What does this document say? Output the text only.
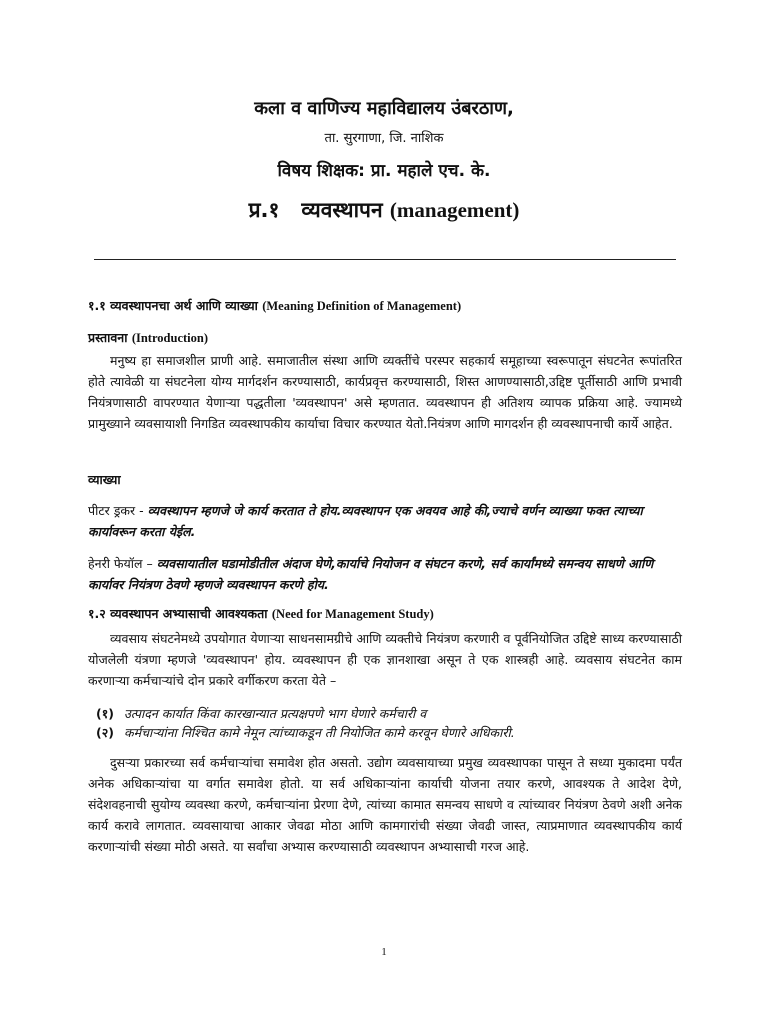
कला व वाणिज्य महाविद्यालय उंबरठाण,
ता. सुरगाणा, जि. नाशिक
विषय शिक्षक: प्रा. महाले एच. के.
प्र.१   व्यवस्थापन (management)
१.१ व्यवस्थापनचा अर्थ आणि व्याख्या (Meaning Definition of Management)
प्रस्तावना (Introduction)
मनुष्य हा समाजशील प्राणी आहे. समाजातील संस्था आणि व्यक्तींचे परस्पर सहकार्य समूहाच्या स्वरूपातून संघटनेत रूपांतरित होते त्यावेळी या संघटनेला योग्य मार्गदर्शन करण्यासाठी, कार्यप्रवृत्त करण्यासाठी, शिस्त आणण्यासाठी,उद्दिष्ट पूर्तीसाठी आणि प्रभावी नियंत्रणासाठी वापरण्यात येणाऱ्या पद्धतीला 'व्यवस्थापन' असे म्हणतात. व्यवस्थापन ही अतिशय व्यापक प्रक्रिया आहे. ज्यामध्ये प्रामुख्याने व्यवसायाशी निगडित व्यवस्थापकीय कार्याचा विचार करण्यात येतो.नियंत्रण आणि मागदर्शन ही व्यवस्थापनाची कार्ये आहेत.
व्याख्या
पीटर ड्रकर - व्यवस्थापन म्हणजे जे कार्य करतात ते होय.व्यवस्थापन एक अवयव आहे की,ज्याचे वर्णन व्याख्या फक्त त्याच्या कार्यावरून करता येईल.
हेनरी फेयॉल – व्यवसायातील घडामोडीतील अंदाज घेणे,कार्याचे नियोजन व संघटन करणे, सर्व कार्यांमध्ये समन्वय साधणे आणि कार्यावर नियंत्रण ठेवणे म्हणजे व्यवस्थापन करणे होय.
१.२ व्यवस्थापन अभ्यासाची आवश्यकता (Need for Management Study)
व्यवसाय संघटनेमध्ये उपयोगात येणाऱ्या साधनसामग्रीचे आणि व्यक्तीचे नियंत्रण करणारी व पूर्वनियोजित उद्दिष्टे साध्य करण्यासाठी योजलेली यंत्रणा म्हणजे 'व्यवस्थापन' होय. व्यवस्थापन ही एक ज्ञानशाखा असून ते एक शास्त्रही आहे. व्यवसाय संघटनेत काम करणाऱ्या कर्मचाऱ्यांचे दोन प्रकारे वर्गीकरण करता येते –
(१) उत्पादन कार्यात किंवा कारखान्यात प्रत्यक्षपणे भाग घेणारे कर्मचारी व
(२) कर्मचाऱ्यांना निश्चित कामे नेमून त्यांच्याकडून ती नियोजित कामे करवून घेणारे अधिकारी.
दुसऱ्या प्रकारच्या सर्व कर्मचाऱ्यांचा समावेश होत असतो. उद्योग व्यवसायाच्या प्रमुख व्यवस्थापका पासून ते सध्या मुकादमा पर्यंत अनेक अधिकाऱ्यांचा या वर्गात समावेश होतो. या सर्व अधिकाऱ्यांना कार्याची योजना तयार करणे, आवश्यक ते आदेश देणे, संदेशवहनाची सुयोग्य व्यवस्था करणे, कर्मचाऱ्यांना प्रेरणा देणे, त्यांच्या कामात समन्वय साधणे व त्यांच्यावर नियंत्रण ठेवणे अशी अनेक कार्य करावे लागतात. व्यवसायाचा आकार जेवढा मोठा आणि कामगारांची संख्या जेवढी जास्त, त्याप्रमाणात व्यवस्थापकीय कार्य करणाऱ्यांची संख्या मोठी असते. या सर्वांचा अभ्यास करण्यासाठी व्यवस्थापन अभ्यासाची गरज आहे.
1
